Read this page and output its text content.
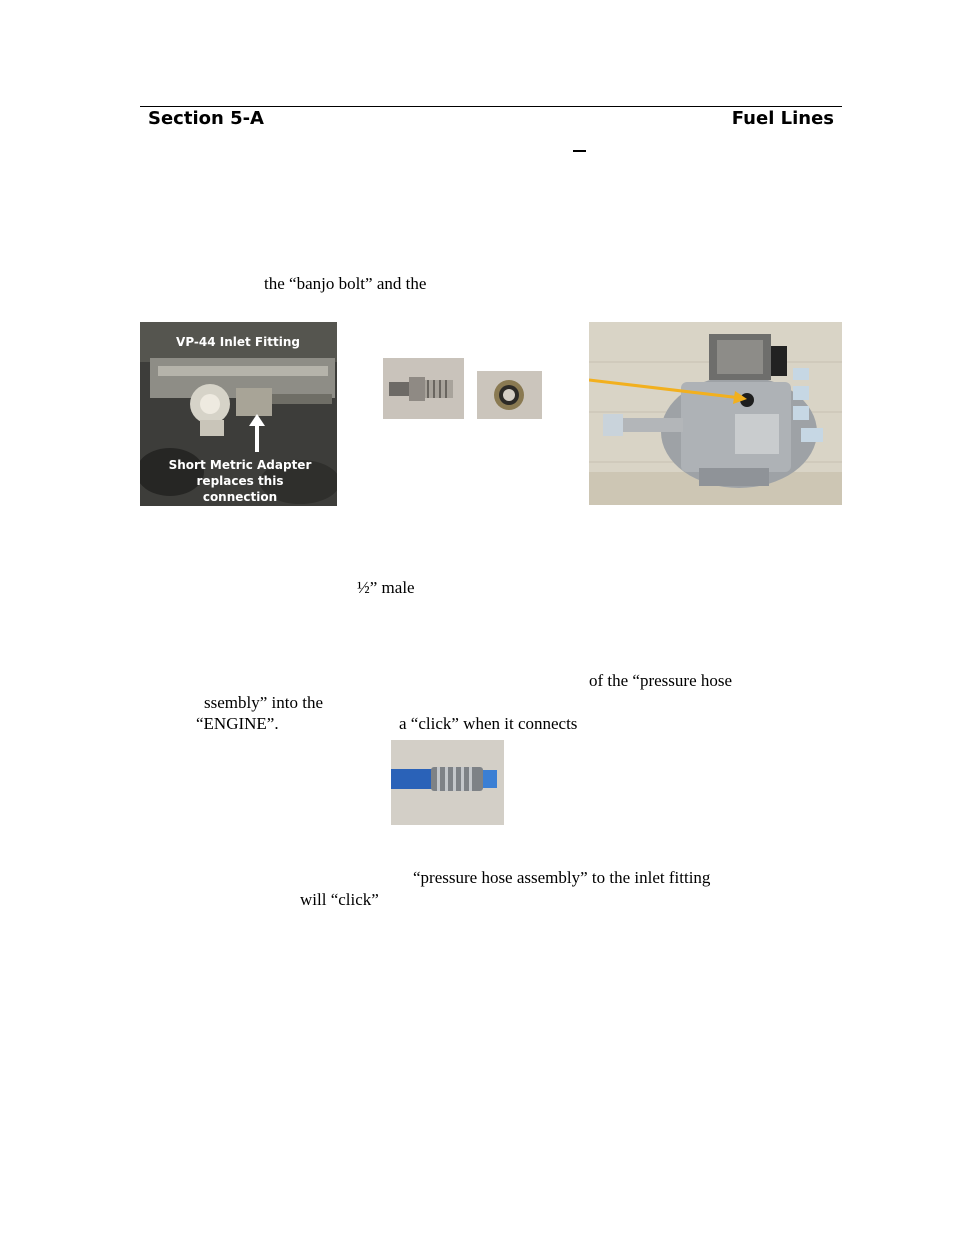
Section 5-A	Fuel Lines
the “banjo bolt” and the
VP-44 Inlet Fitting
Short Metric Adapter
replaces this
connection
½” male
of the “pressure hose
ssembly” into the
“ENGINE”.	a “click” when it connects
“pressure hose assembly” to the inlet fitting
will “click”
